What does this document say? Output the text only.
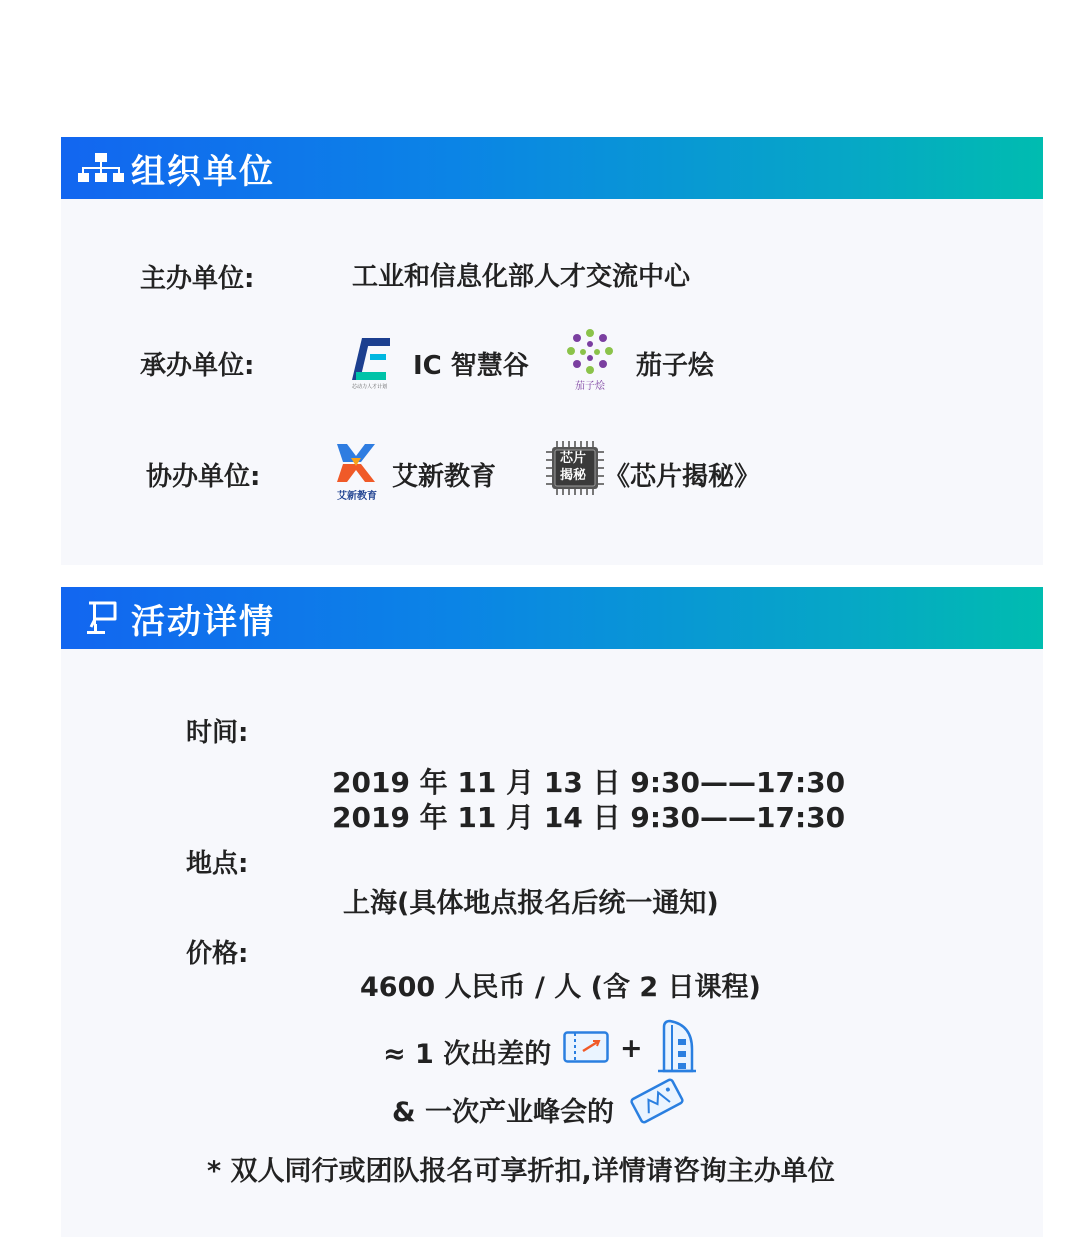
组织单位
主办单位:	工业和信息化部人才交流中心
承办单位:
芯动力人才计划
IC 智慧谷
茄子烩
茄子烩
协办单位:
艾新教育
艾新教育
芯片
揭秘 《芯片揭秘》
活动详情
时间:
2019 年 11 月 13 日 9:30——17:30
2019 年 11 月 14 日 9:30——17:30
地点:
上海(具体地点报名后统一通知)
价格:
4600 人民币 / 人 (含 2 日课程)
≈ 1 次出差的	+
& 一次产业峰会的
* 双人同行或团队报名可享折扣,详情请咨询主办单位
